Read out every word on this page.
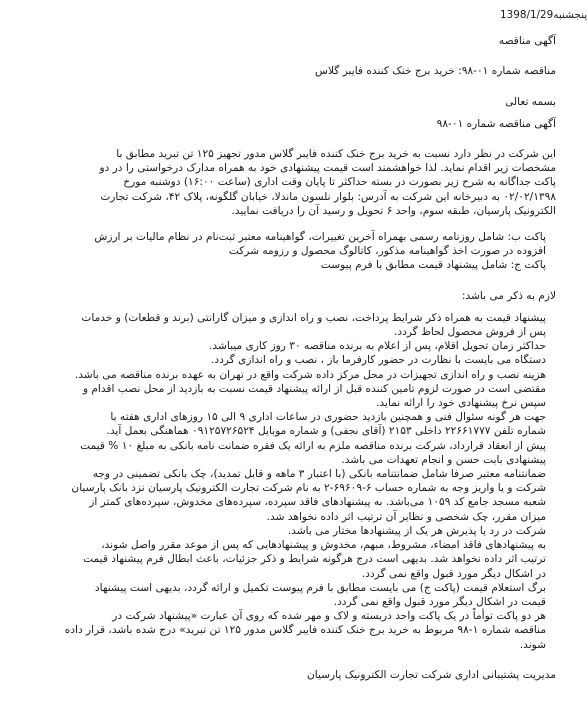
1398/1/29پنجشنبه
آگهی مناقصه
مناقصه شماره ۰۱-۹۸: خرید برج خنک کننده فایبر گلاس
بسمه تعالی
آگهی مناقصه شماره ۰۱-۹۸
این شرکت در نظر دارد نسبت به خرید برج خنک کننده فایبر گلاس مدور تجهیز ۱۲۵ تن تبرید مطابق با
مشخصات زیر اقدام نماید. لذا خواهشمند است قیمت پیشنهادی خود به همراه مدارک درخواستی را در دو
پاکت جداگانه به شرح زیر بصورت در بسته حداکثر تا پایان وقت اداری (ساعت ۱۶:۰۰) دوشنبه مورخ
۰۲/۰۲/۱۳۹۸ به دبیرخانه این شرکت به آدرس: بلوار نلسون ماندلا، خیابان گلگونه، پلاک ۴۲، شرکت تجارت
الکترونیک پارسیان، طبقه سوم، واحد ۶ تحویل و رسید آن را دریافت نمایید.
پاکت ب: شامل روزنامه رسمی بهمراه آخرین تغییرات، گواهینامه معتبر ثبت‌نام در نظام مالیات بر ارزش
افزوده در صورت اخذ گواهینامه مذکور، کاتالوگ محصول و رزومه شرکت
پاکت ج: شامل پیشنهاد قیمت مطابق با فرم پیوست
لازم به ذکر می باشد:
پیشنهاد قیمت به همراه ذکر شرایط پرداخت، نصب و راه اندازی و میزان گارانتی (برند و قطعات) و خدمات
پس از فروش محصول لحاظ گردد.
حداکثر زمان تحویل اقلام، پس از اعلام به برنده مناقصه ۳۰ روز کاری میباشد.
دستگاه می بایست با نظارت در حضور کارفرما باز ، نصب و راه اندازی گردد.
هزینه نصب و راه اندازی تجهیزات در محل مرکز داده شرکت واقع در تهران به عهده برنده مناقصه می باشد.
مقتضی است در صورت لزوم تامین کننده قبل از ارائه پیشنهاد قیمت نسبت به بازدید از محل نصب اقدام و
سپس نرخ پیشنهادی خود را ارائه نماید.
جهت هر گونه سئوال فنی و همچنین بازدید حضوری در ساعات اداری ۹ الی ۱۵ روزهای اداری هفته با
شماره تلفن ۲۲۶۶۱۷۷۷ داخلی ۲۱۵۳ (آقای نجفی) و شماره موبایل ۰۹۱۲۵۷۲۶۵۲۴ هماهنگی بعمل آید.
پیش از انعقاد قرارداد، شرکت برنده مناقصه ملزم به ارائه یک فقره ضمانت نامه بانکی به مبلغ ۱۰ % قیمت
پیشنهادی بابت حسن و انجام تعهدات می باشد.
ضمانتنامه معتبر صرفا شامل ضمانتنامه بانکی (با اعتبار ۳ ماهه و قابل تمدید)، چک بانکی تضمینی در وجه
شرکت و یا واریز وجه به شماره حساب ۶-۶۹۶۰۹-۲ به نام شرکت تجارت الکترونیک پارسیان نزد بانک پارسیان
شعبه مسجد جامع کد ۱۰۵۹ می‌باشد. به پیشنهادهای فاقد سپرده، سپرده‌های مخدوش، سپرده‌های کمتر از
میزان مقرر، چک شخصی و نظایر آن ترتیب اثر داده نخواهد شد.
شرکت در رد یا پذیرش هر یک از پیشنهادها مختار می باشد.
به پیشنهادهای فاقد امضاء، مشروط، مبهم، مخدوش و پیشنهادهایی که پس از موعد مقرر واصل شوند،
ترتیب اثر داده نخواهد شد. بدیهی است درج هرگونه شرایط و ذکر جزئیات، باعث ابطال فرم پیشنهاد قیمت
در اشکال دیگر مورد قبول واقع نمی گردد.
برگ استعلام قیمت (پاکت ج) می بایست مطابق با فرم پیوست تکمیل و ارائه گردد، بدیهی است پیشنهاد
قیمت در اشکال دیگر مورد قبول واقع نمی گردد.
هر دو پاکت توأماً در یک پاکت واحد دربسته و لاک و مهر شده که روی آن عبارت «پیشنهاد شرکت در
مناقصه شماره ۱-۹۸ مربوط به خرید برج خنک کننده فایبر گلاس مدور ۱۲۵ تن تبرید» درج شده باشد، قرار داده
شوند.
مدیریت پشتیبانی اداری شرکت تجارت الکترونیک پارسیان
